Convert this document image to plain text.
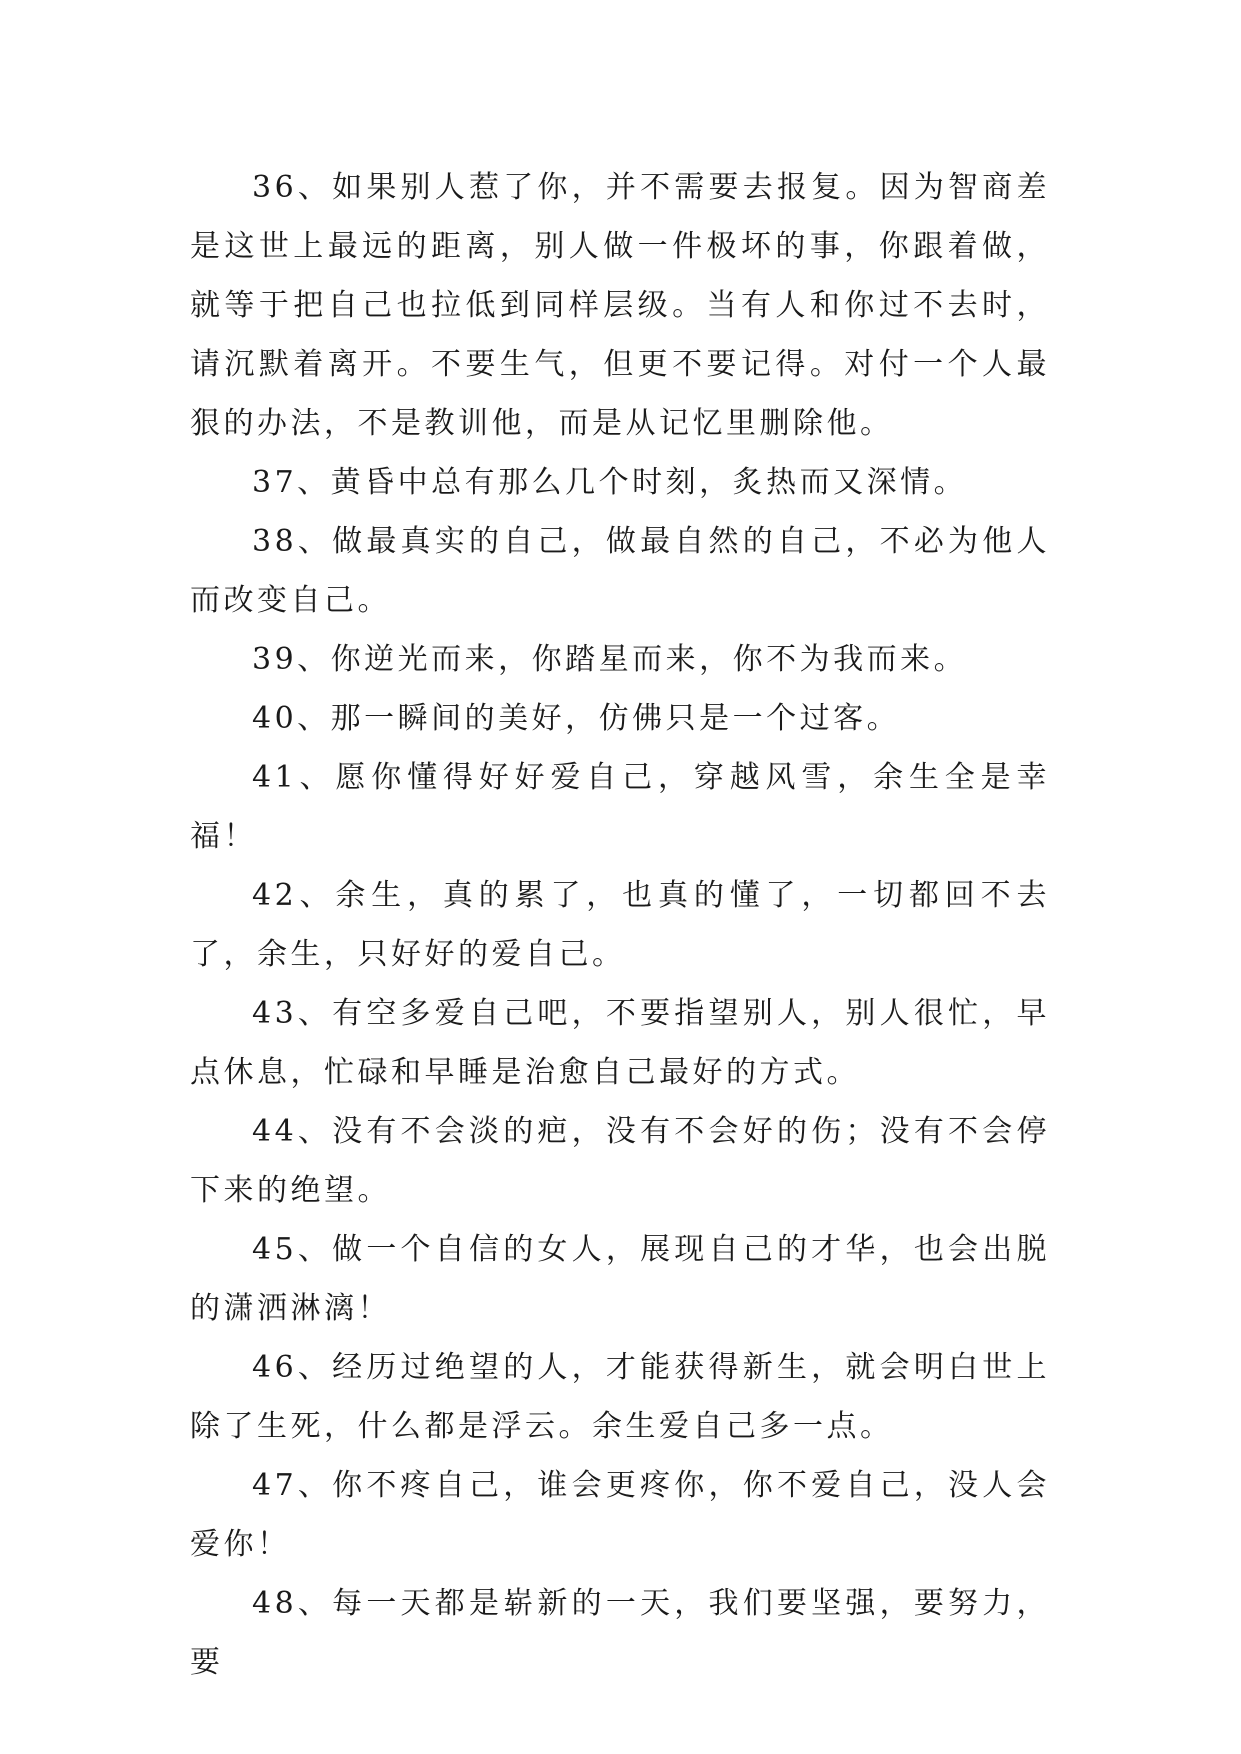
36、如果别人惹了你，并不需要去报复。因为智商差是这世上最远的距离，别人做一件极坏的事，你跟着做，就等于把自己也拉低到同样层级。当有人和你过不去时，请沉默着离开。不要生气，但更不要记得。对付一个人最狠的办法，不是教训他，而是从记忆里删除他。

37、黄昏中总有那么几个时刻，炙热而又深情。

38、做最真实的自己，做最自然的自己，不必为他人而改变自己。

39、你逆光而来，你踏星而来，你不为我而来。

40、那一瞬间的美好，仿佛只是一个过客。

41、愿你懂得好好爱自己，穿越风雪，余生全是幸福！

42、余生，真的累了，也真的懂了，一切都回不去了，余生，只好好的爱自己。

43、有空多爱自己吧，不要指望别人，别人很忙，早点休息，忙碌和早睡是治愈自己最好的方式。

44、没有不会淡的疤，没有不会好的伤；没有不会停下来的绝望。

45、做一个自信的女人，展现自己的才华，也会出脱的潇洒淋漓！

46、经历过绝望的人，才能获得新生，就会明白世上除了生死，什么都是浮云。余生爱自己多一点。

47、你不疼自己，谁会更疼你，你不爱自己，没人会爱你！

48、每一天都是崭新的一天，我们要坚强，要努力，要
